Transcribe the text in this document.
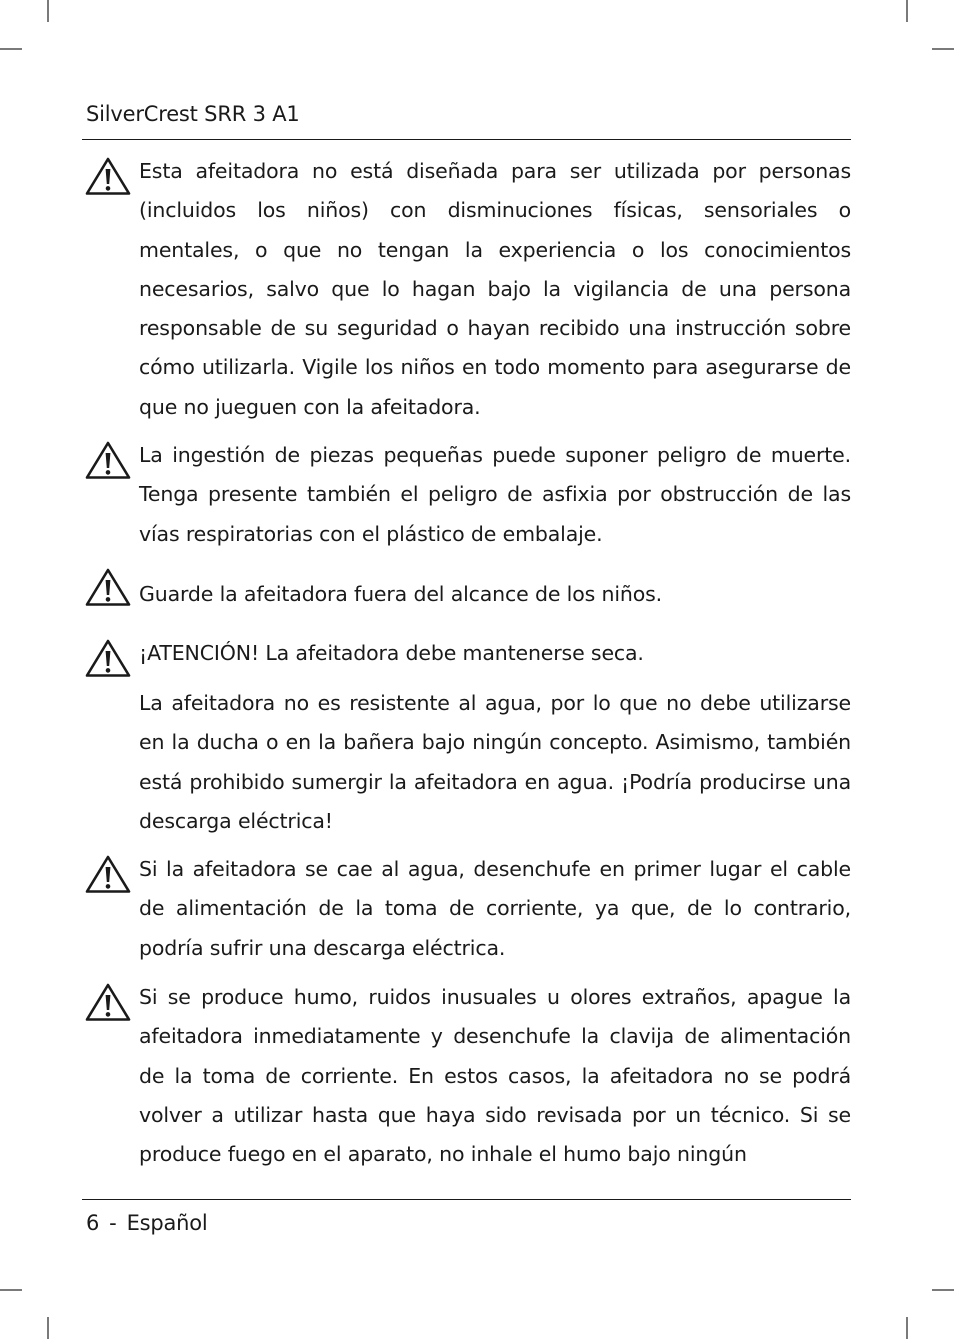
SilverCrest SRR 3 A1

Esta afeitadora no está diseñada para ser utilizada por personas (incluidos los niños) con disminuciones físicas, sensoriales o mentales, o que no tengan la experiencia o los conocimientos necesarios, salvo que lo hagan bajo la vigilancia de una persona responsable de su seguridad o hayan recibido una instrucción sobre cómo utilizarla. Vigile los niños en todo momento para asegurarse de que no jueguen con la afeitadora.

La ingestión de piezas pequeñas puede suponer peligro de muerte. Tenga presente también el peligro de asfixia por obstrucción de las vías respiratorias con el plástico de embalaje.

Guarde la afeitadora fuera del alcance de los niños.

¡ATENCIÓN! La afeitadora debe mantenerse seca.

La afeitadora no es resistente al agua, por lo que no debe utilizarse en la ducha o en la bañera bajo ningún concepto. Asimismo, también está prohibido sumergir la afeitadora en agua. ¡Podría producirse una descarga eléctrica!

Si la afeitadora se cae al agua, desenchufe en primer lugar el cable de alimentación de la toma de corriente, ya que, de lo contrario, podría sufrir una descarga eléctrica.

Si se produce humo, ruidos inusuales u olores extraños, apague la afeitadora inmediatamente y desenchufe la clavija de alimentación de la toma de corriente. En estos casos, la afeitadora no se podrá volver a utilizar hasta que haya sido revisada por un técnico. Si se produce fuego en el aparato, no inhale el humo bajo ningún

6 - Español
